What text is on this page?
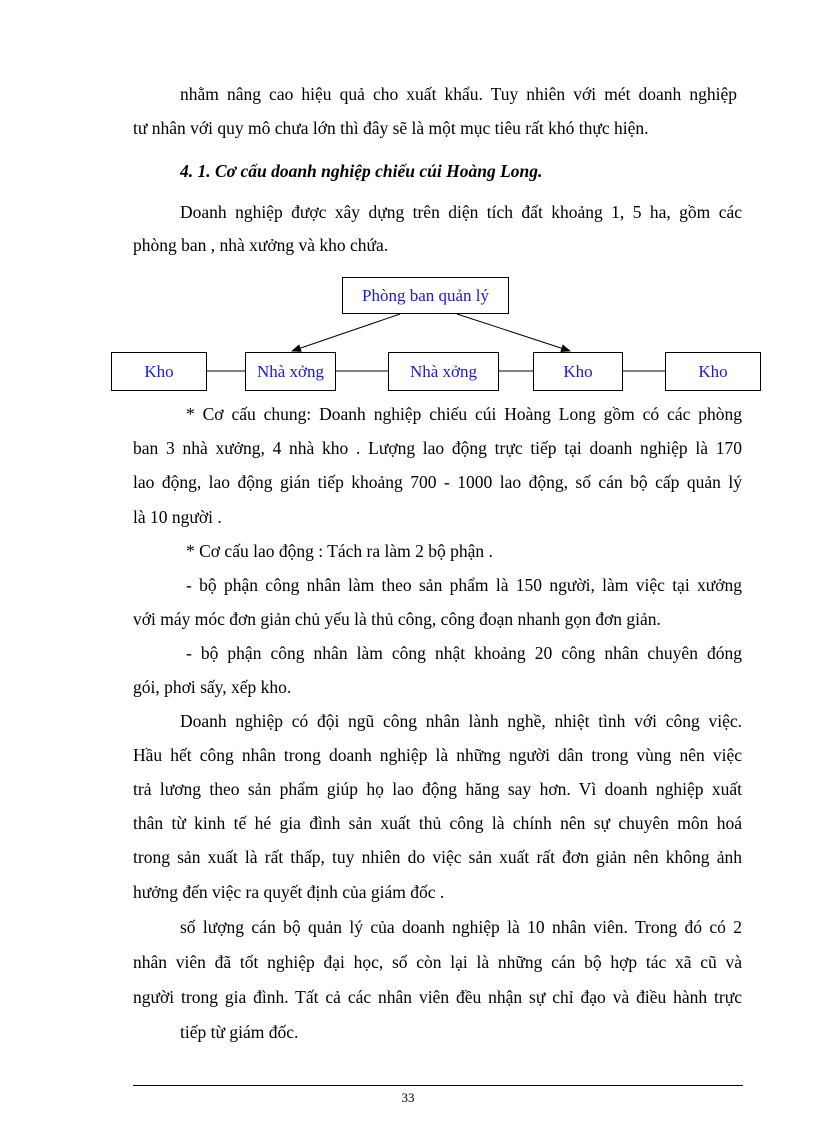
nhằm nâng cao hiệu quả cho xuất khẩu. Tuy nhiên với mét doanh nghiệp
tư nhân với quy mô chưa lớn thì đây sẽ là một mục tiêu rất khó thực hiện.
4. 1. Cơ cấu doanh nghiệp chiếu cúi Hoàng Long.
Doanh nghiệp được xây dựng trên diện tích đất khoảng 1, 5 ha, gồm các
phòng ban , nhà xưởng và kho chứa.
Phòng ban quản lý
Kho	Nhà xởng	Nhà xởng	Kho	Kho
* Cơ cấu chung: Doanh nghiệp chiếu cúi Hoàng Long gồm có các phòng
ban 3 nhà xưởng, 4 nhà kho . Lượng lao động trực tiếp tại doanh nghiệp là 170
lao động, lao động gián tiếp khoảng 700 - 1000 lao động, số cán bộ cấp quản lý
là 10 người .
* Cơ cấu lao động : Tách ra làm 2 bộ phận .
- bộ phận công nhân làm theo sản phẩm là 150 người, làm việc tại xưởng
với máy móc đơn giản chủ yếu là thủ công, công đoạn nhanh gọn đơn giản.
- bộ phận công nhân làm công nhật khoảng 20 công nhân chuyên đóng
gói, phơi sấy, xếp kho.
Doanh nghiệp có đội ngũ công nhân lành nghề, nhiệt tình với công việc.
Hầu hết công nhân trong doanh nghiệp là những người dân trong vùng nên việc
trả lương theo sản phẩm giúp họ lao động hăng say hơn. Vì doanh nghiệp xuất
thân từ kinh tế hé gia đình sản xuất thủ công là chính nên sự chuyên môn hoá
trong sản xuất là rất thấp, tuy nhiên do việc sản xuất rất đơn giản nên không ảnh
hưởng đến việc ra quyết định của giám đốc .
số lượng cán bộ quản lý của doanh nghiệp là 10 nhân viên. Trong đó có 2
nhân viên đã tốt nghiệp đại học, số còn lại là những cán bộ hợp tác xã cũ và
người trong gia đình. Tất cả các nhân viên đều nhận sự chỉ đạo và điều hành trực
tiếp từ giám đốc.
33
